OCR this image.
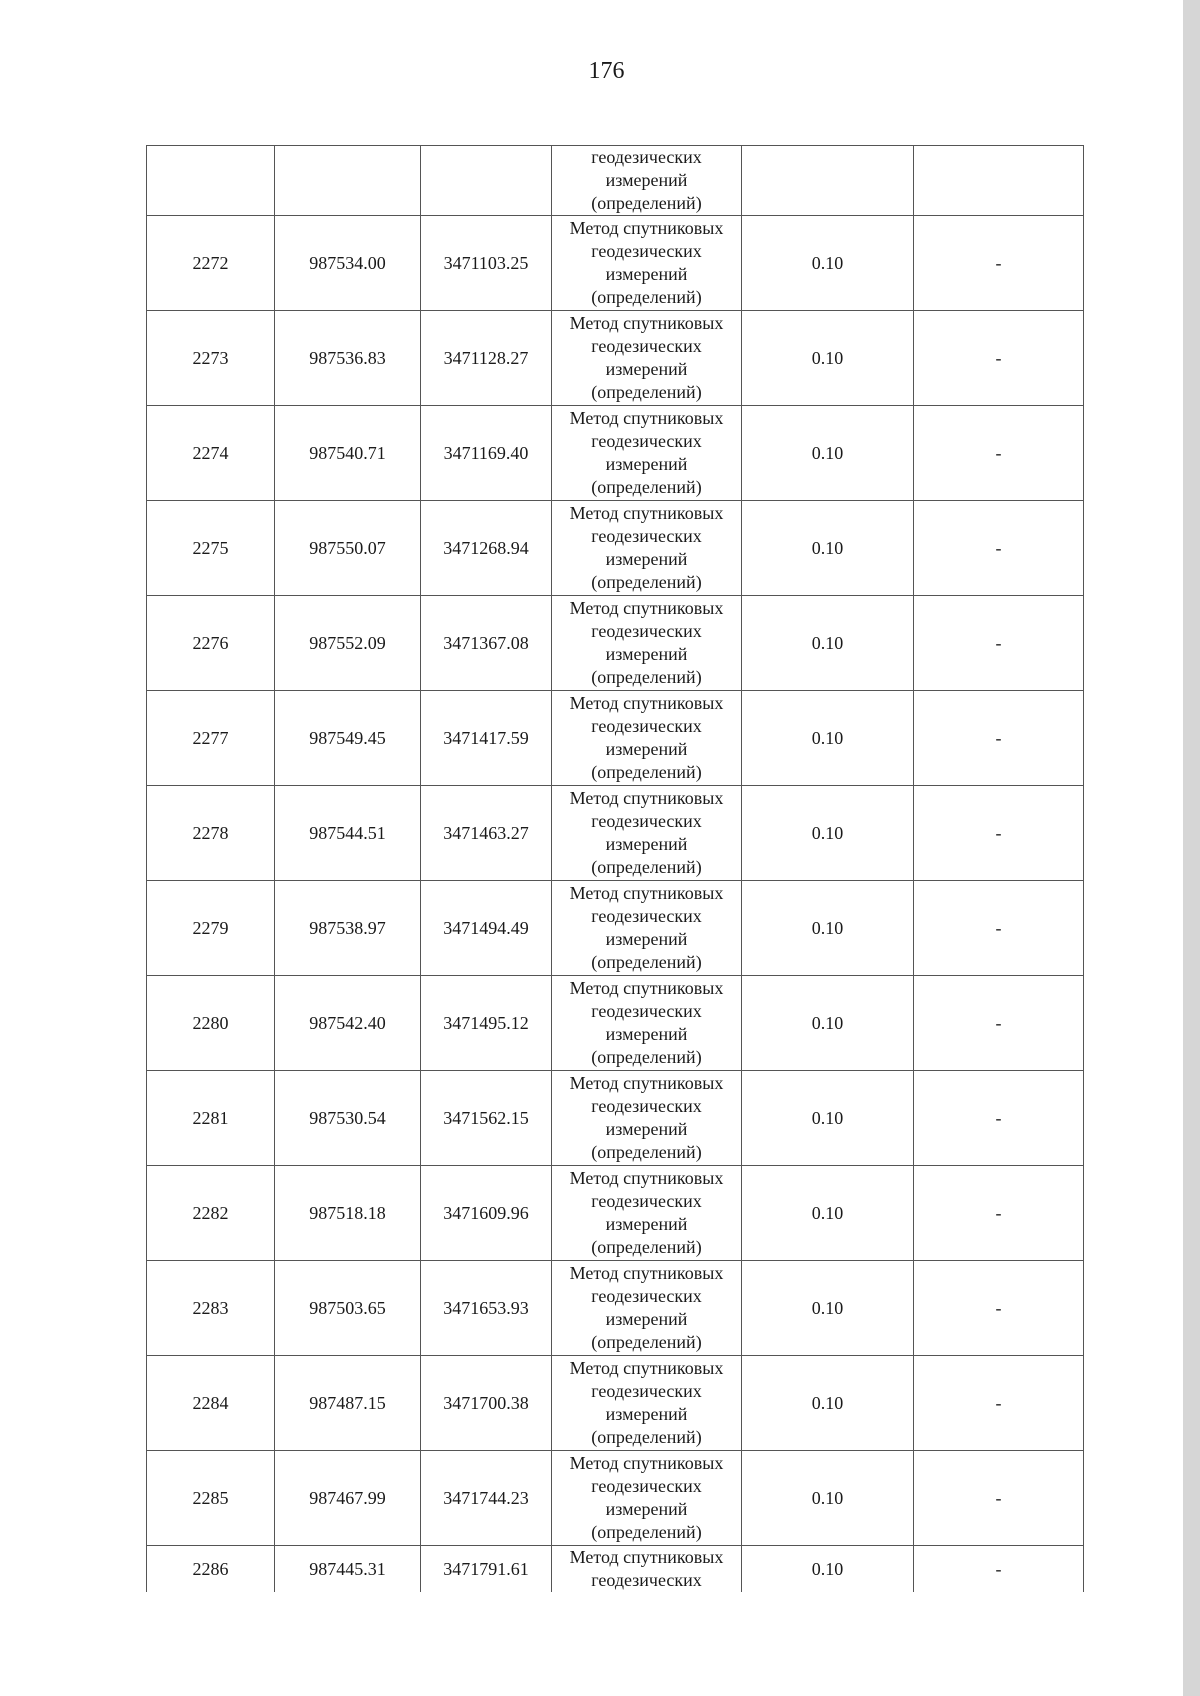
176

			геодезических
измерений
(определений)		

2272	987534.00	3471103.25	Метод спутниковых
геодезических
измерений
(определений)	0.10	-
2273	987536.83	3471128.27	Метод спутниковых
геодезических
измерений
(определений)	0.10	-
2274	987540.71	3471169.40	Метод спутниковых
геодезических
измерений
(определений)	0.10	-
2275	987550.07	3471268.94	Метод спутниковых
геодезических
измерений
(определений)	0.10	-
2276	987552.09	3471367.08	Метод спутниковых
геодезических
измерений
(определений)	0.10	-
2277	987549.45	3471417.59	Метод спутниковых
геодезических
измерений
(определений)	0.10	-
2278	987544.51	3471463.27	Метод спутниковых
геодезических
измерений
(определений)	0.10	-
2279	987538.97	3471494.49	Метод спутниковых
геодезических
измерений
(определений)	0.10	-
2280	987542.40	3471495.12	Метод спутниковых
геодезических
измерений
(определений)	0.10	-
2281	987530.54	3471562.15	Метод спутниковых
геодезических
измерений
(определений)	0.10	-
2282	987518.18	3471609.96	Метод спутниковых
геодезических
измерений
(определений)	0.10	-
2283	987503.65	3471653.93	Метод спутниковых
геодезических
измерений
(определений)	0.10	-
2284	987487.15	3471700.38	Метод спутниковых
геодезических
измерений
(определений)	0.10	-
2285	987467.99	3471744.23	Метод спутниковых
геодезических
измерений
(определений)	0.10	-
2286	987445.31	3471791.61	Метод спутниковых
геодезических	0.10	-
